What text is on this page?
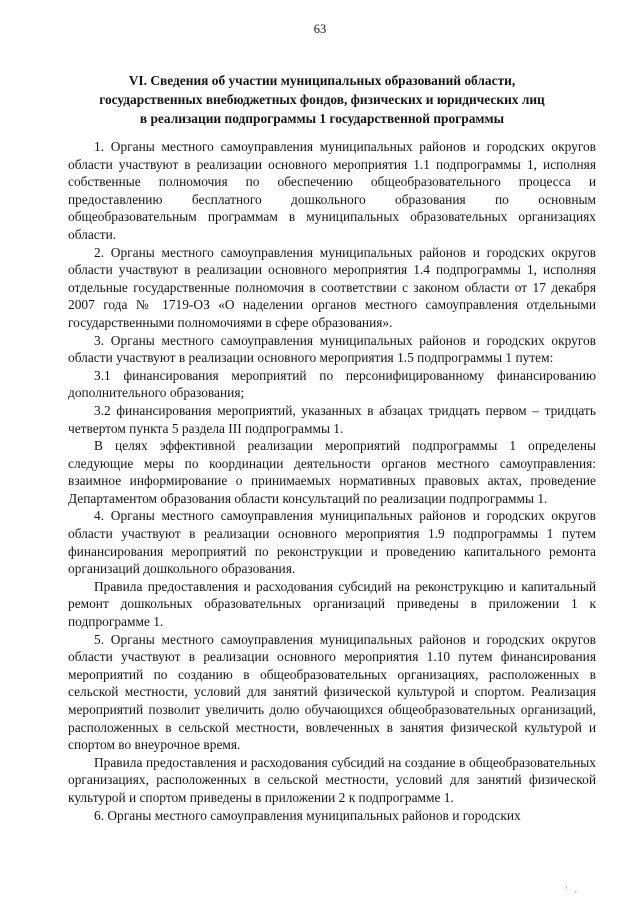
63
VI. Сведения об участии муниципальных образований области, государственных внебюджетных фондов, физических и юридических лиц в реализации подпрограммы 1 государственной программы

1. Органы местного самоуправления муниципальных районов и городских округов области участвуют в реализации основного мероприятия 1.1 подпрограммы 1, исполняя собственные полномочия по обеспечению общеобразовательного процесса и предоставлению бесплатного дошкольного образования по основным общеобразовательным программам в муниципальных образовательных организациях области.

2. Органы местного самоуправления муниципальных районов и городских округов области участвуют в реализации основного мероприятия 1.4 подпрограммы 1, исполняя отдельные государственные полномочия в соответствии с законом области от 17 декабря 2007 года № 1719-ОЗ «О наделении органов местного самоуправления отдельными государственными полномочиями в сфере образования».

3. Органы местного самоуправления муниципальных районов и городских округов области участвуют в реализации основного мероприятия 1.5 подпрограммы 1 путем:

3.1 финансирования мероприятий по персонифицированному финансированию дополнительного образования;

3.2 финансирования мероприятий, указанных в абзацах тридцать первом – тридцать четвертом пункта 5 раздела III подпрограммы 1.

В целях эффективной реализации мероприятий подпрограммы 1 определены следующие меры по координации деятельности органов местного самоуправления: взаимное информирование о принимаемых нормативных правовых актах, проведение Департаментом образования области консультаций по реализации подпрограммы 1.

4. Органы местного самоуправления муниципальных районов и городских округов области участвуют в реализации основного мероприятия 1.9 подпрограммы 1 путем финансирования мероприятий по реконструкции и проведению капитального ремонта организаций дошкольного образования.

Правила предоставления и расходования субсидий на реконструкцию и капитальный ремонт дошкольных образовательных организаций приведены в приложении 1 к подпрограмме 1.

5. Органы местного самоуправления муниципальных районов и городских округов области участвуют в реализации основного мероприятия 1.10 путем финансирования мероприятий по созданию в общеобразовательных организациях, расположенных в сельской местности, условий для занятий физической культурой и спортом. Реализация мероприятий позволит увеличить долю обучающихся общеобразовательных организаций, расположенных в сельской местности, вовлеченных в занятия физической культурой и спортом во внеурочное время.

Правила предоставления и расходования субсидий на создание в общеобразовательных организациях, расположенных в сельской местности, условий для занятий физической культурой и спортом приведены в приложении 2 к подпрограмме 1.

6. Органы местного самоуправления муниципальных районов и городских

' ,
